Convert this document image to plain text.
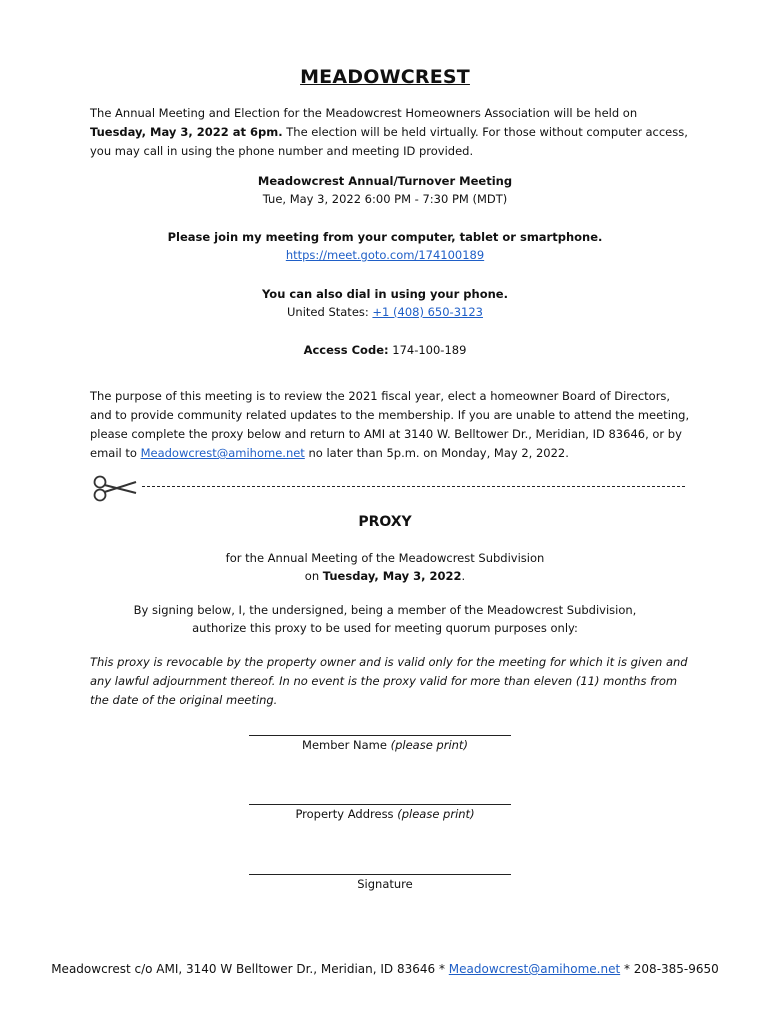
MEADOWCREST
The Annual Meeting and Election for the Meadowcrest Homeowners Association will be held on Tuesday, May 3, 2022 at 6pm. The election will be held virtually. For those without computer access, you may call in using the phone number and meeting ID provided.
Meadowcrest Annual/Turnover Meeting
Tue, May 3, 2022 6:00 PM - 7:30 PM (MDT)
Please join my meeting from your computer, tablet or smartphone.
https://meet.goto.com/174100189
You can also dial in using your phone.
United States: +1 (408) 650-3123
Access Code: 174-100-189
The purpose of this meeting is to review the 2021 fiscal year, elect a homeowner Board of Directors, and to provide community related updates to the membership. If you are unable to attend the meeting, please complete the proxy below and return to AMI at 3140 W. Belltower Dr., Meridian, ID 83646, or by email to Meadowcrest@amihome.net no later than 5p.m. on Monday, May 2, 2022.
PROXY
for the Annual Meeting of the Meadowcrest Subdivision
on Tuesday, May 3, 2022.
By signing below, I, the undersigned, being a member of the Meadowcrest Subdivision,
authorize this proxy to be used for meeting quorum purposes only:
This proxy is revocable by the property owner and is valid only for the meeting for which it is given and any lawful adjournment thereof. In no event is the proxy valid for more than eleven (11) months from the date of the original meeting.
Member Name (please print)
Property Address (please print)
Signature
Meadowcrest c/o AMI, 3140 W Belltower Dr., Meridian, ID 83646 * Meadowcrest@amihome.net * 208-385-9650
